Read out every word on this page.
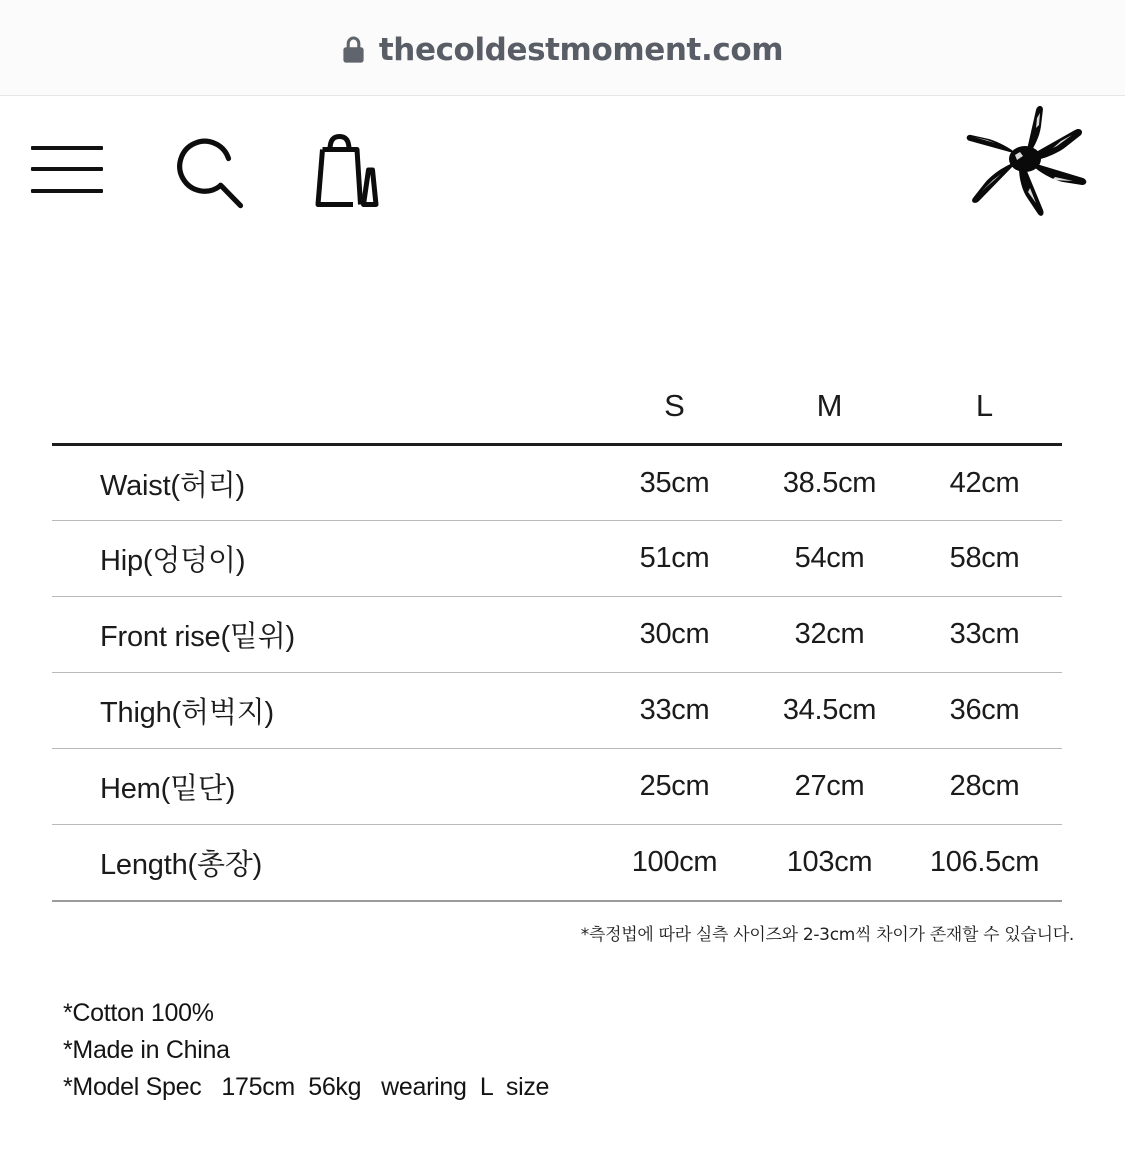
thecoldestmoment.com
	S	M	L
Waist(허리)	35cm	38.5cm	42cm
Hip(엉덩이)	51cm	54cm	58cm
Front rise(밑위)	30cm	32cm	33cm
Thigh(허벅지)	33cm	34.5cm	36cm
Hem(밑단)	25cm	27cm	28cm
Length(총장)	100cm	103cm	106.5cm
*측정법에 따라 실측 사이즈와 2-3cm씩 차이가 존재할 수 있습니다.
*Cotton 100%
*Made in China
*Model Spec   175cm  56kg   wearing  L  size
